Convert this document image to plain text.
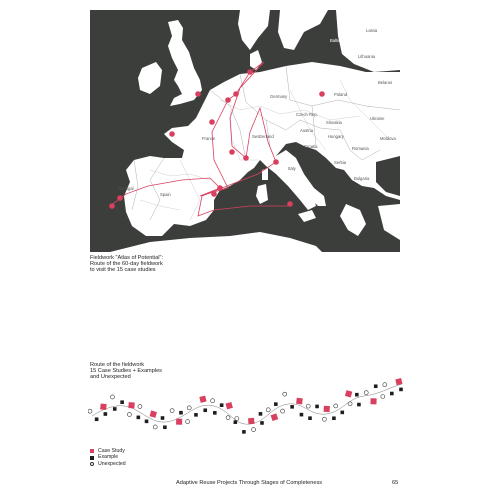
Baltic Sea
Latvia
Lithuania
Belarus
Poland
Germany
Czech Rep.
Ukraine
Moldova
Romania
Bulgaria
France
Spain
Portugal
Italy
Switzerland
Austria
Hungary
Slovakia
Serbia
Croatia
Fieldwork "Atlas of Potential":
Route of the 60-day fieldwork
to visit the 15 case studies
Route of the fieldwork
15 Case Studies + Examples
and Unexpected
Case Study
Example
Unexpected
Adaptive Reuse Projects Through Stages of Completeness	65
